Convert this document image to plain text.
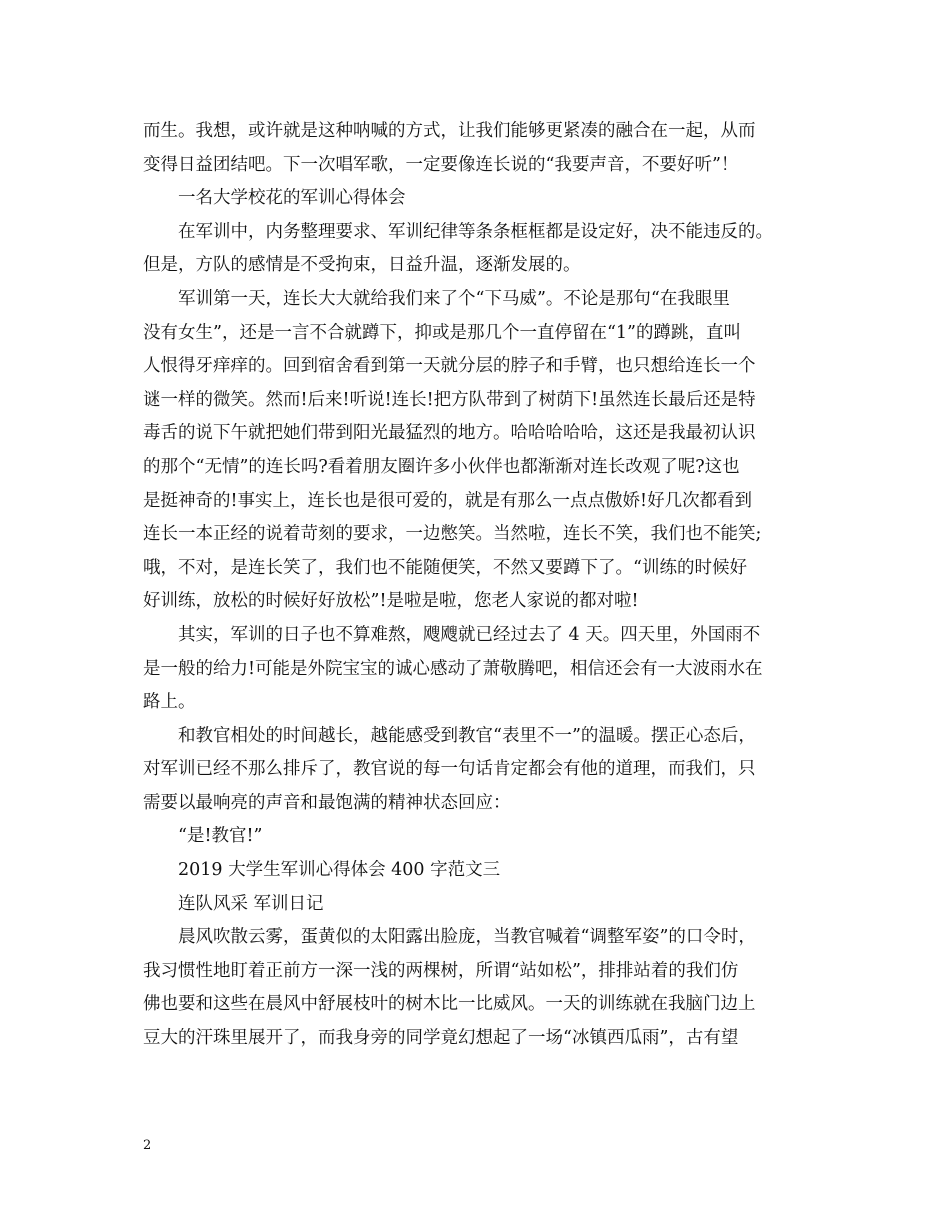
而生。我想，或许就是这种呐喊的方式，让我们能够更紧凑的融合在一起，从而
变得日益团结吧。下一次唱军歌，一定要像连长说的“我要声音，不要好听”！
一名大学校花的军训心得体会
在军训中，内务整理要求、军训纪律等条条框框都是设定好，决不能违反的。
但是，方队的感情是不受拘束，日益升温，逐渐发展的。
军训第一天，连长大大就给我们来了个“下马威”。不论是那句“在我眼里
没有女生”，还是一言不合就蹲下，抑或是那几个一直停留在“1”的蹲跳，直叫
人恨得牙痒痒的。回到宿舍看到第一天就分层的脖子和手臂，也只想给连长一个
谜一样的微笑。然而!后来!听说!连长!把方队带到了树荫下!虽然连长最后还是特
毒舌的说下午就把她们带到阳光最猛烈的地方。哈哈哈哈哈，这还是我最初认识
的那个“无情”的连长吗?看着朋友圈许多小伙伴也都渐渐对连长改观了呢?这也
是挺神奇的!事实上，连长也是很可爱的，就是有那么一点点傲娇!好几次都看到
连长一本正经的说着苛刻的要求，一边憋笑。当然啦，连长不笑，我们也不能笑;
哦，不对，是连长笑了，我们也不能随便笑，不然又要蹲下了。“训练的时候好
好训练，放松的时候好好放松”!是啦是啦，您老人家说的都对啦!
其实，军训的日子也不算难熬，飕飕就已经过去了 4 天。四天里，外国雨不
是一般的给力!可能是外院宝宝的诚心感动了萧敬腾吧，相信还会有一大波雨水在
路上。
和教官相处的时间越长，越能感受到教官“表里不一”的温暖。摆正心态后，
对军训已经不那么排斥了，教官说的每一句话肯定都会有他的道理，而我们，只
需要以最响亮的声音和最饱满的精神状态回应：
“是!教官!”
2019 大学生军训心得体会 400 字范文三
连队风采 军训日记
晨风吹散云雾，蛋黄似的太阳露出脸庞，当教官喊着“调整军姿”的口令时，
我习惯性地盯着正前方一深一浅的两棵树，所谓“站如松”，排排站着的我们仿
佛也要和这些在晨风中舒展枝叶的树木比一比威风。一天的训练就在我脑门边上
豆大的汗珠里展开了，而我身旁的同学竟幻想起了一场“冰镇西瓜雨”，古有望
2
